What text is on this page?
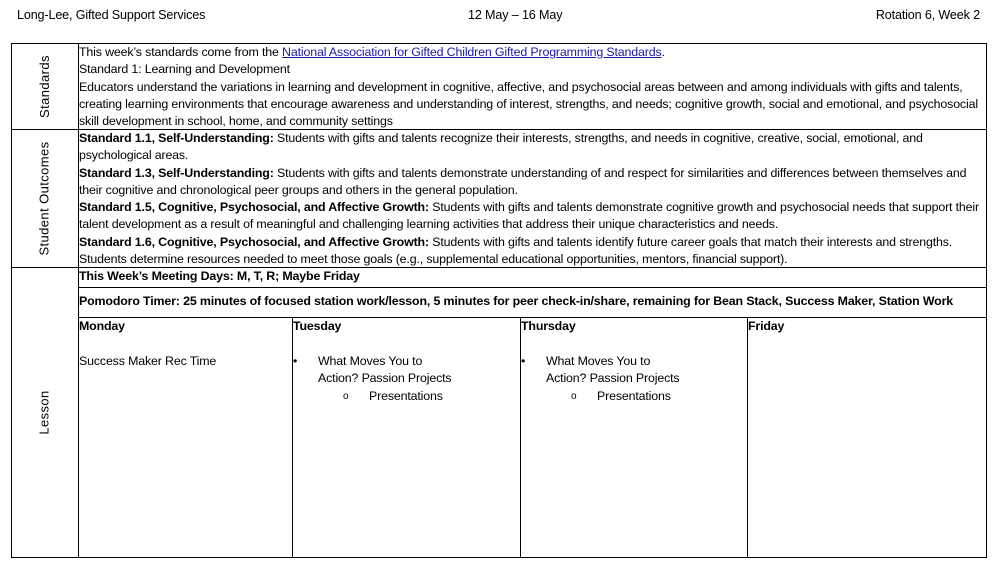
Long-Lee, Gifted Support Services	12 May – 16 May	Rotation 6, Week 2
Standards
Student Outcomes
Lesson
This week’s standards come from the National Association for Gifted Children Gifted Programming Standards.
Standard 1: Learning and Development
Educators understand the variations in learning and development in cognitive, affective, and psychosocial areas between and among individuals with gifts and talents, creating learning environments that encourage awareness and understanding of interest, strengths, and needs; cognitive growth, social and emotional, and psychosocial skill development in school, home, and community settings
Standard 1.1, Self-Understanding: Students with gifts and talents recognize their interests, strengths, and needs in cognitive, creative, social, emotional, and psychological areas.
Standard 1.3, Self-Understanding: Students with gifts and talents demonstrate understanding of and respect for similarities and differences between themselves and their cognitive and chronological peer groups and others in the general population.
Standard 1.5, Cognitive, Psychosocial, and Affective Growth: Students with gifts and talents demonstrate cognitive growth and psychosocial needs that support their talent development as a result of meaningful and challenging learning activities that address their unique characteristics and needs.
Standard 1.6, Cognitive, Psychosocial, and Affective Growth: Students with gifts and talents identify future career goals that match their interests and strengths. Students determine resources needed to meet those goals (e.g., supplemental educational opportunities, mentors, financial support).
This Week’s Meeting Days: M, T, R; Maybe Friday
Pomodoro Timer: 25 minutes of focused station work/lesson, 5 minutes for peer check-in/share, remaining for Bean Stack, Success Maker, Station Work
Monday
Success Maker Rec Time
Tuesday
• What Moves You to
Action? Passion Projects
o Presentations
Thursday
• What Moves You to
Action? Passion Projects
o Presentations
Friday
